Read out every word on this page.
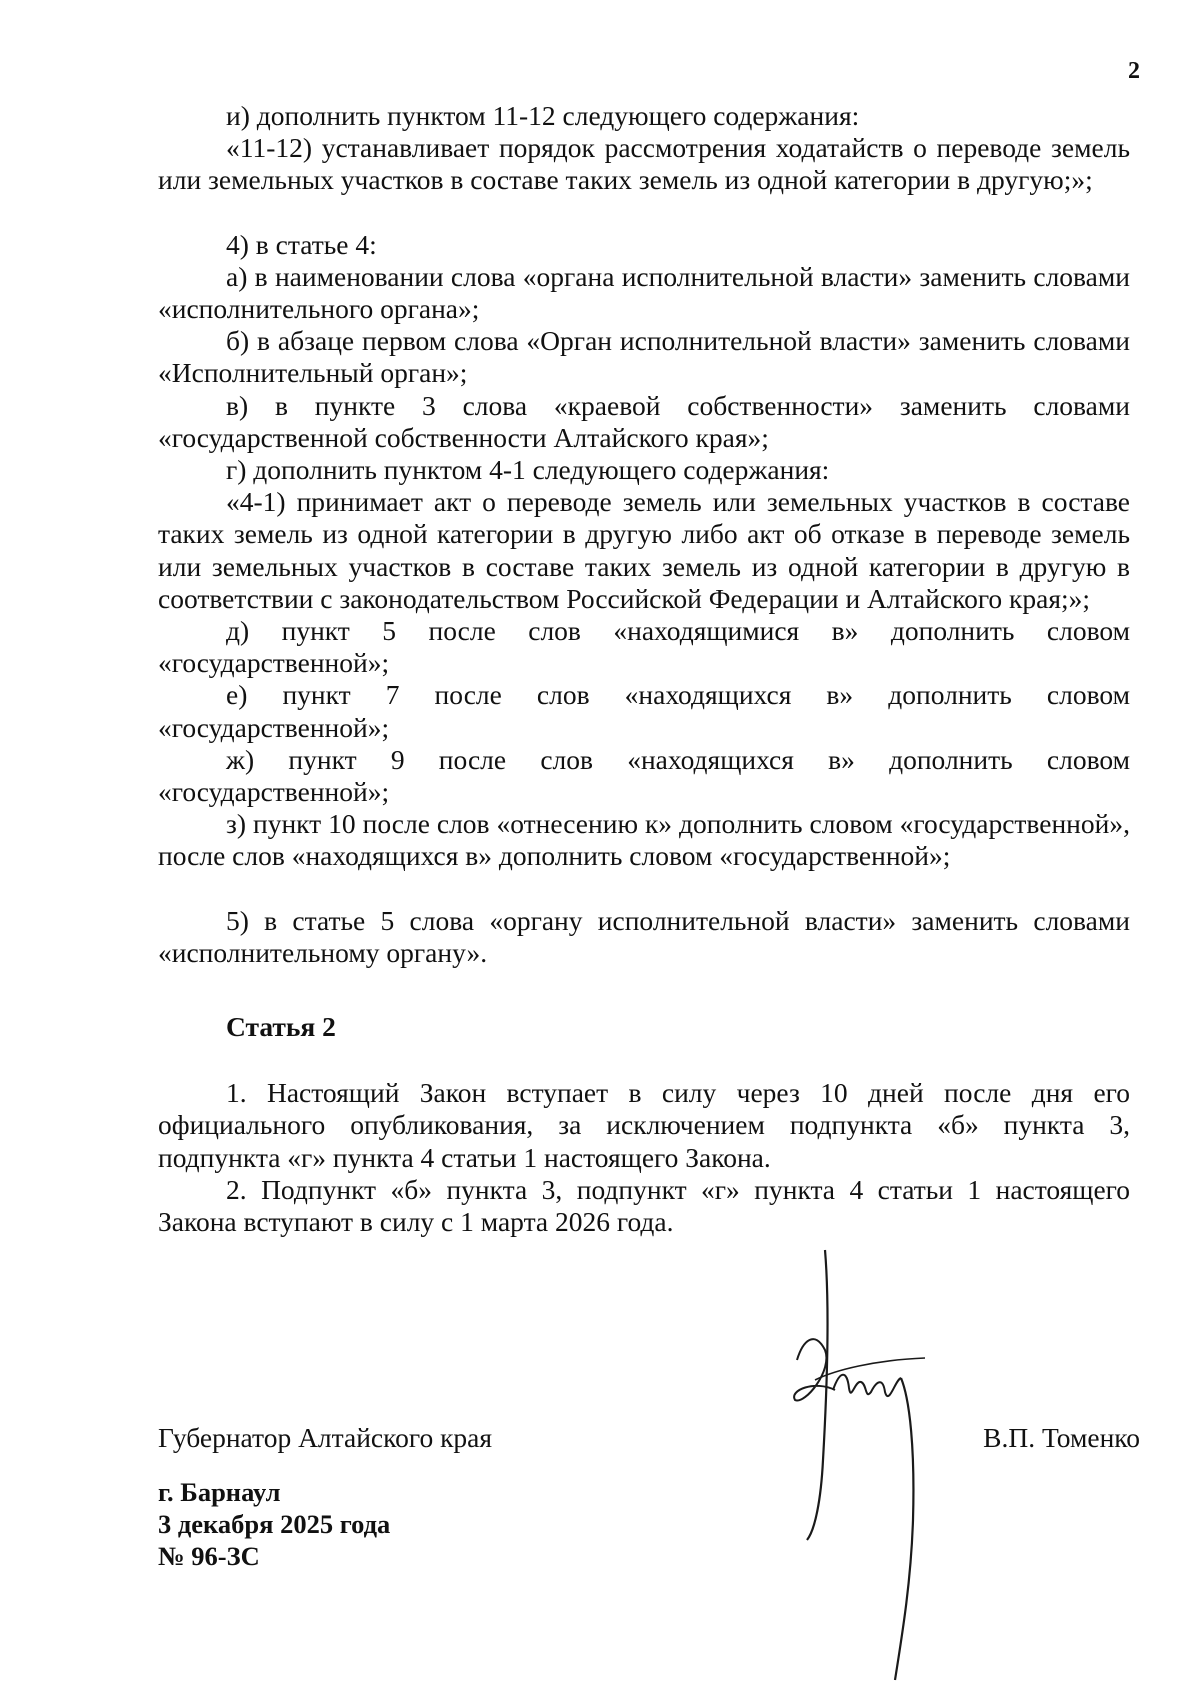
2

и) дополнить пунктом 11-12 следующего содержания:

«11-12) устанавливает порядок рассмотрения ходатайств о переводе земель или земельных участков в составе таких земель из одной категории в другую;»;

4) в статье 4:

а) в наименовании слова «органа исполнительной власти» заменить словами «исполнительного органа»;

б) в абзаце первом слова «Орган исполнительной власти» заменить словами «Исполнительный орган»;

в) в пункте 3 слова «краевой собственности» заменить словами «государственной собственности Алтайского края»;

г) дополнить пунктом 4-1 следующего содержания:

«4-1) принимает акт о переводе земель или земельных участков в составе таких земель из одной категории в другую либо акт об отказе в переводе земель или земельных участков в составе таких земель из одной категории в другую в соответствии с законодательством Российской Федерации и Алтайского края;»;

д) пункт 5 после слов «находящимися в» дополнить словом «государственной»;

е) пункт 7 после слов «находящихся в» дополнить словом «государственной»;

ж) пункт 9 после слов «находящихся в» дополнить словом «государственной»;

з) пункт 10 после слов «отнесению к» дополнить словом «государственной», после слов «находящихся в» дополнить словом «государственной»;

5) в статье 5 слова «органу исполнительной власти» заменить словами «исполнительному органу».

Статья 2

1. Настоящий Закон вступает в силу через 10 дней после дня его официального опубликования, за исключением подпункта «б» пункта 3, подпункта «г» пункта 4 статьи 1 настоящего Закона.

2. Подпункт «б» пункта 3, подпункт «г» пункта 4 статьи 1 настоящего Закона вступают в силу с 1 марта 2026 года.

Губернатор Алтайского края	В.П. Томенко
г. Барнаул
3 декабря 2025 года
№ 96-ЗС
